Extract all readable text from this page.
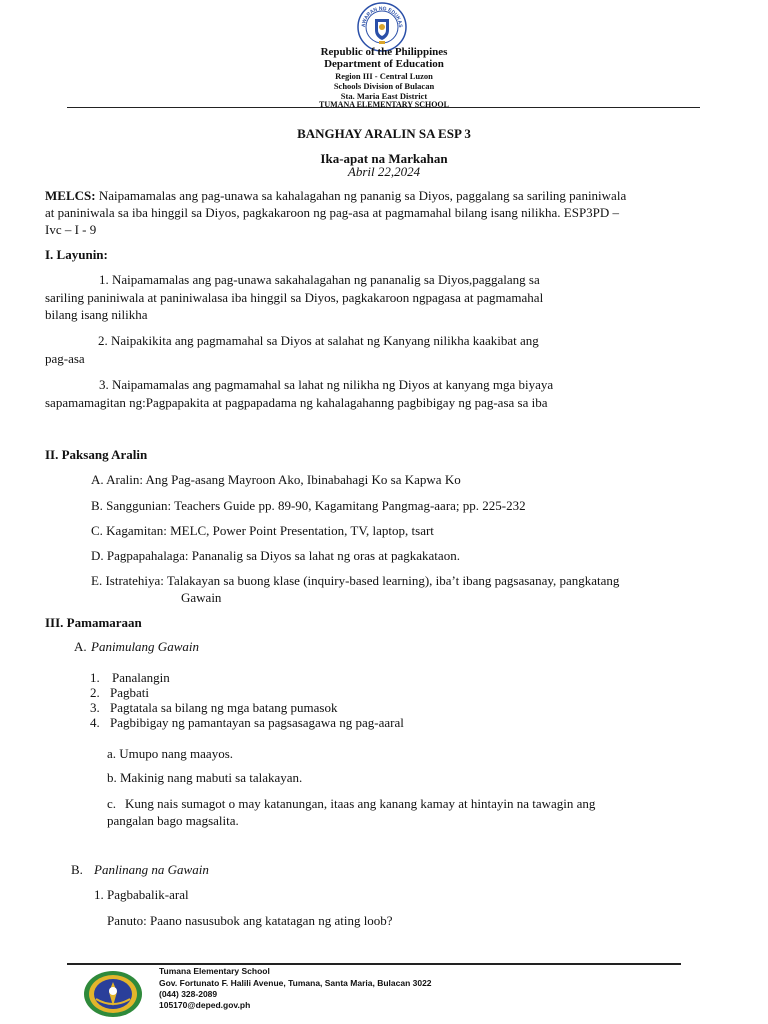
AWARAN NG EDUKAS
Republic of the Philippines
Department of Education
Region III - Central Luzon
Schools Division of Bulacan
Sta. Maria East District
TUMANA ELEMENTARY SCHOOL
BANGHAY ARALIN SA ESP 3
Ika-apat na Markahan
Abril 22,2024
MELCS: Naipamamalas ang pag-unawa sa kahalagahan ng pananig sa Diyos, paggalang sa sariling paniniwala
at paniniwala sa iba hinggil sa Diyos, pagkakaroon ng pag-asa at pagmamahal bilang isang nilikha. ESP3PD –
Ivc – I - 9
I. Layunin:
1. Naipamamalas ang pag-unawa sakahalagahan ng pananalig sa Diyos,paggalang sa
sariling paniniwala at paniniwalasa iba hinggil sa Diyos, pagkakaroon ngpagasa at pagmamahal
bilang isang nilikha
2. Naipakikita ang pagmamahal sa Diyos at salahat ng Kanyang nilikha kaakibat ang
pag-asa
3. Naipamamalas ang pagmamahal sa lahat ng nilikha ng Diyos at kanyang mga biyaya
sapamamagitan ng:Pagpapakita at pagpapadama ng kahalagahanng pagbibigay ng pag-asa sa iba
II. Paksang Aralin
A. Aralin: Ang Pag-asang Mayroon Ako, Ibinabahagi Ko sa Kapwa Ko
B. Sanggunian: Teachers Guide pp. 89-90, Kagamitang Pangmag-aara; pp. 225-232
C. Kagamitan: MELC, Power Point Presentation, TV, laptop, tsart
D. Pagpapahalaga: Pananalig sa Diyos sa lahat ng oras at pagkakataon.
E. Istratehiya: Talakayan sa buong klase (inquiry-based learning), iba’t ibang pagsasanay, pangkatang
Gawain
III. Pamamaraan
A. Panimulang Gawain
1. Panalangin
2. Pagbati
3. Pagtatala sa bilang ng mga batang pumasok
4. Pagbibigay ng pamantayan sa pagsasagawa ng pag-aaral
a. Umupo nang maayos.
b. Makinig nang mabuti sa talakayan.
c. Kung nais sumagot o may katanungan, itaas ang kanang kamay at hintayin na tawagin ang
pangalan bago magsalita.
B. Panlinang na Gawain
1. Pagbabalik-aral
Panuto: Paano nasusubok ang katatagan ng ating loob?
Tumana Elementary School
Gov. Fortunato F. Halili Avenue, Tumana, Santa Maria, Bulacan 3022
(044) 328-2089
105170@deped.gov.ph
